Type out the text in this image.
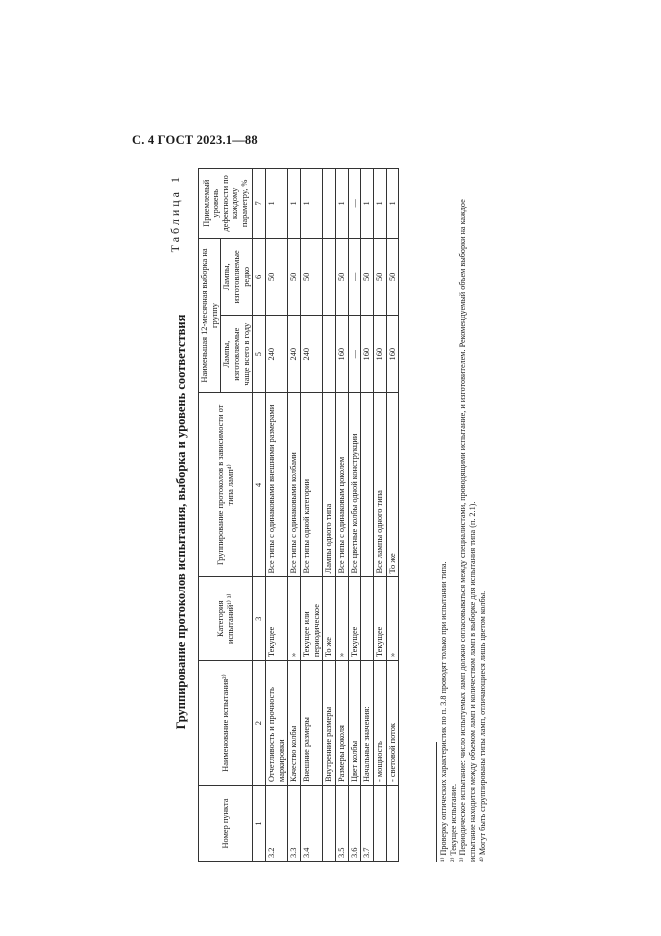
С. 4 ГОСТ 2023.1—88
Таблица 1
Группирование протоколов испытания, выборка и уровень соответствия
Номер пункта	Наименование испытания²⁾	Категория испытаний¹⁾ ³⁾	Группирование протоколов в зависимости от типа ламп⁴⁾	Наименьшая 12-месячная выборка на группу		Приемлемый уровень дефектности по каждому параметру, %
				Лампы, изготовляемые чаще всего в году	Лампы, изготовляемые редко	
1	2	3	4	5	6	7
3.2	Отчетливость и прочность маркировки	Текущее	Все типы с одинаковыми внешними размерами	240	50	1
3.3	Качество колбы	»	Все типы с одинаковыми колбами	240	50	1
3.4	Внешние размеры	Текущее или периодическое	Все типы одной категории	240	50	1
	Внутренние размеры	То же	Лампы одного типа			
3.5	Размеры цоколя	»	Все типы с одинаковым цоколем	160	50	1
3.6	Цвет колбы	Текущее	Все цветные колбы одной конструкции	—	—	—
3.7	Начальные значения:			160	50	1
	- мощность	Текущее	Все лампы одного типа	160	50	1
	- световой поток	»	То же	160	50	1

¹⁾ Проверку оптических характеристик по п. 3.8 проводят только при испытании типа. ²⁾ Текущее испытание. ³⁾ Периодическое испытание: число испытуемых ламп должно согласовываться между специалистами, проводящими испытание, и изготовителем. Рекомендуемый объем выборки на каждое испытание находится между объемом ламп и количеством ламп в выборке для испытания типа (п. 2.1). ⁴⁾ Могут быть сгруппированы типы ламп, отличающиеся лишь цветом колбы.
